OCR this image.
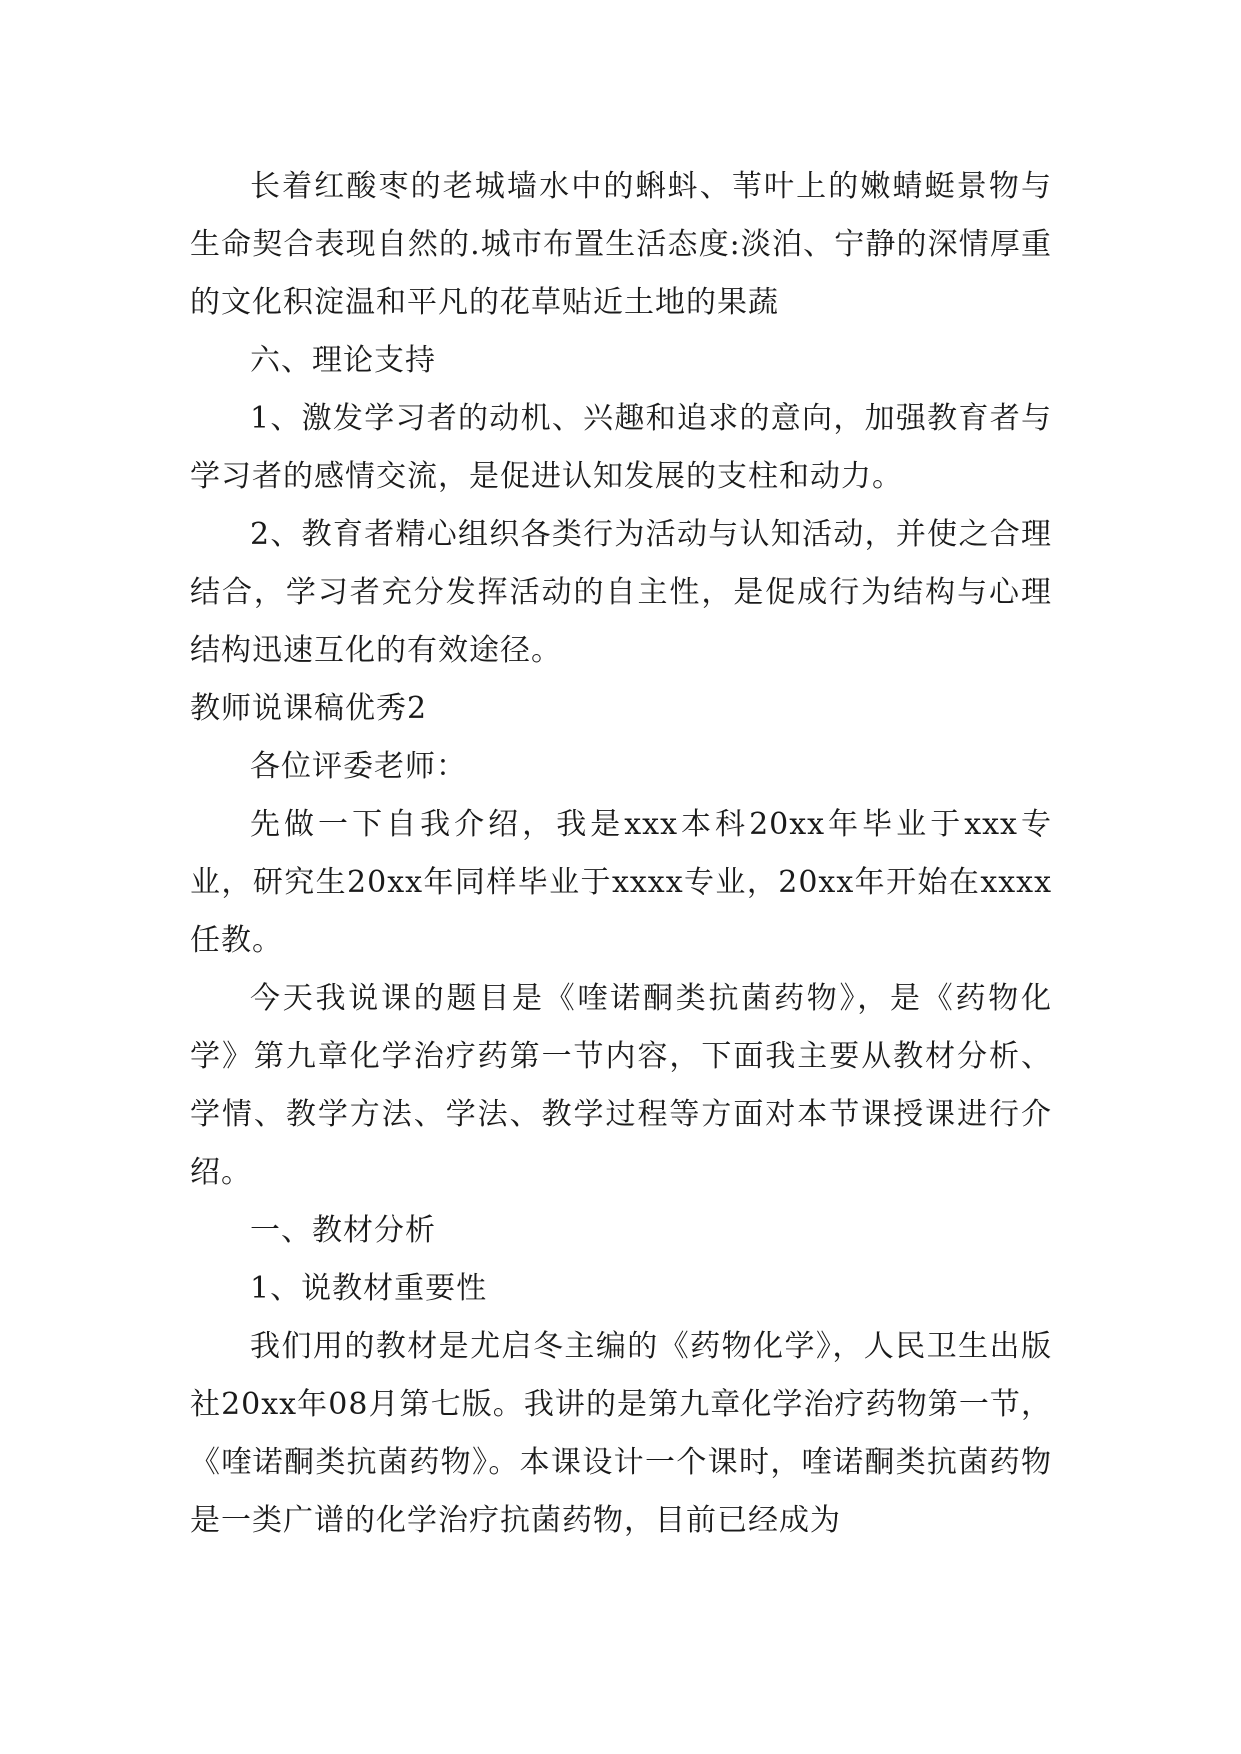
长着红酸枣的老城墙水中的蝌蚪、苇叶上的嫩蜻蜓景物与生命契合表现自然的.城市布置生活态度:淡泊、宁静的深情厚重的文化积淀温和平凡的花草贴近土地的果蔬

六、理论支持

1、激发学习者的动机、兴趣和追求的意向，加强教育者与学习者的感情交流，是促进认知发展的支柱和动力。

2、教育者精心组织各类行为活动与认知活动，并使之合理结合，学习者充分发挥活动的自主性，是促成行为结构与心理结构迅速互化的有效途径。

教师说课稿优秀2

各位评委老师：

先做一下自我介绍，我是xxx本科20xx年毕业于xxx专业，研究生20xx年同样毕业于xxxx专业，20xx年开始在xxxx任教。

今天我说课的题目是《喹诺酮类抗菌药物》，是《药物化学》第九章化学治疗药第一节内容，下面我主要从教材分析、学情、教学方法、学法、教学过程等方面对本节课授课进行介绍。

一、教材分析

1、说教材重要性

我们用的教材是尤启冬主编的《药物化学》，人民卫生出版社20xx年08月第七版。我讲的是第九章化学治疗药物第一节，《喹诺酮类抗菌药物》。本课设计一个课时，喹诺酮类抗菌药物是一类广谱的化学治疗抗菌药物，目前已经成为
